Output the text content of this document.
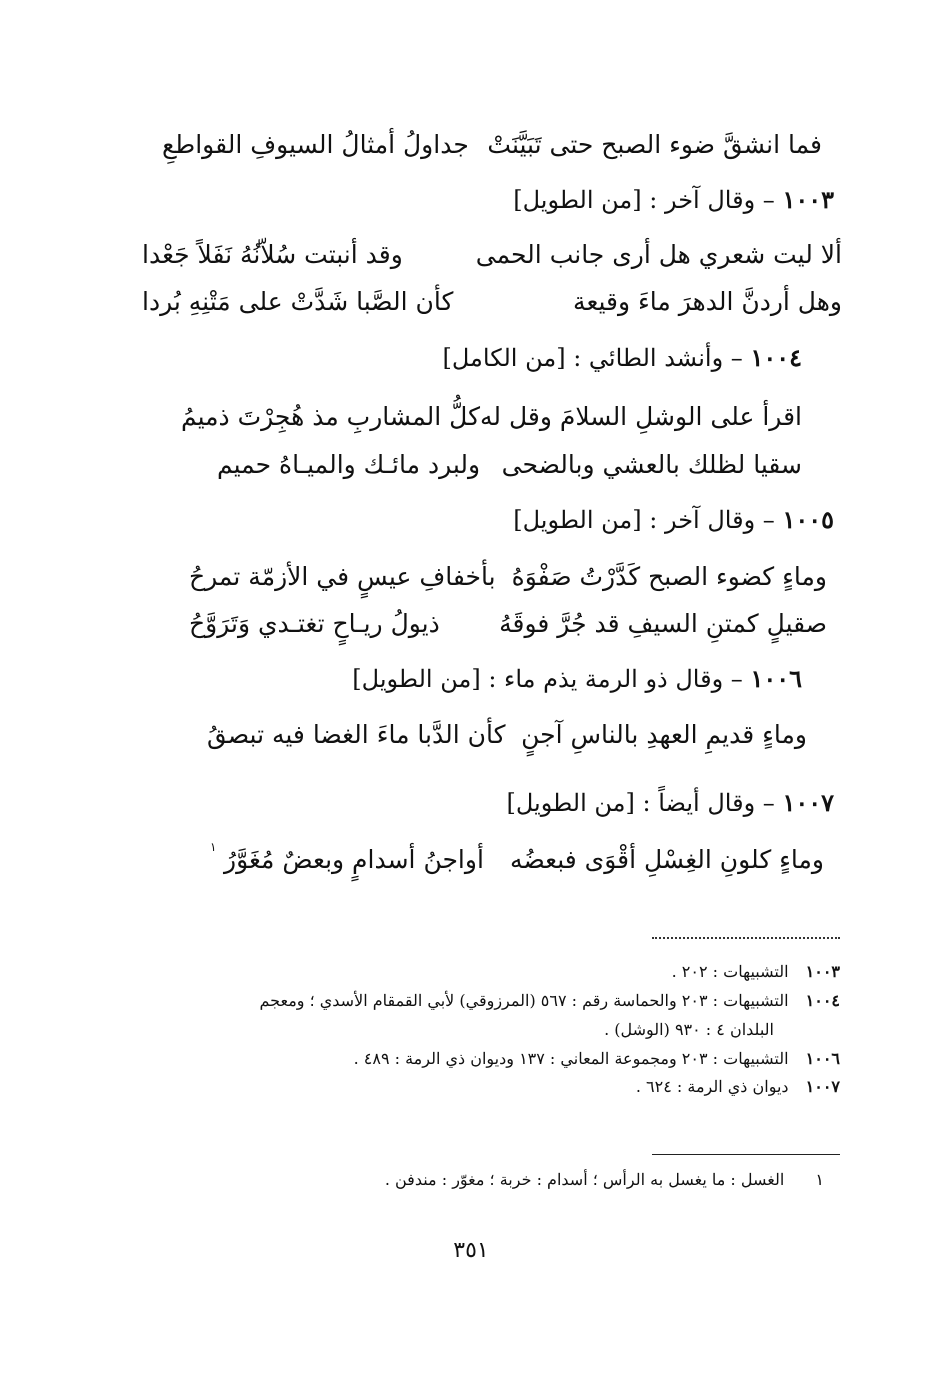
فما انشقَّ ضوء الصبح حتى تَبَيَّنَتْ
جداولُ أمثالُ السيوفِ القواطعِ
١٠٠٣ – وقال آخر : [من الطويل]
ألا ليت شعري هل أرى جانب الحمى
وقد أنبتت سُلاّنُهُ نَفَلاً جَعْدا
وهل أردنَّ الدهرَ ماءَ وقيعة
كأن الصَّبا شَدَّتْ على مَتْنِهِ بُردا
١٠٠٤ – وأنشد الطائي : [من الكامل]
اقرأ على الوشلِ السلامَ وقل له
كلُّ المشاربِ مذ هُجِرْتَ ذميمُ
سقيا لظلك بالعشي وبالضحى
ولبرد مائـك والميـاهُ حميم
١٠٠٥ – وقال آخر : [من الطويل]
وماءٍ كضوء الصبح كَدَّرْتُ صَفْوَهُ
بأخفافِ عيسٍ في الأزمّة تمرحُ
صقيلٍ كمتنِ السيفِ قد جُرَّ فوقَهُ
ذيولُ ريـاحٍ تغتـدي وَتَرَوَّحُ
١٠٠٦ – وقال ذو الرمة يذم ماء : [من الطويل]
وماءٍ قديمِ العهدِ بالناسِ آجنٍ
كأن الدَّبا ماءَ الغضا فيه تبصقُ
١٠٠٧ – وقال أيضاً : [من الطويل]
وماءٍ كلونِ الغِسْلِ أقْوَى فبعضُه
أواجنُ أسدامٍ وبعضٌ مُغَوَّرُ
١
١٠٠٣ التشبيهات : ٢٠٢ .
١٠٠٤ التشبيهات : ٢٠٣ والحماسة رقم : ٥٦٧ (المرزوقي) لأبي القمقام الأسدي ؛ ومعجم
البلدان ٤ : ٩٣٠ (الوشل) .
١٠٠٦ التشبيهات : ٢٠٣ ومجموعة المعاني : ١٣٧ وديوان ذي الرمة : ٤٨٩ .
١٠٠٧ ديوان ذي الرمة : ٦٢٤ .
١ الغسل : ما يغسل به الرأس ؛ أسدام : خربة ؛ مغوّر : مندفن .
٣٥١
